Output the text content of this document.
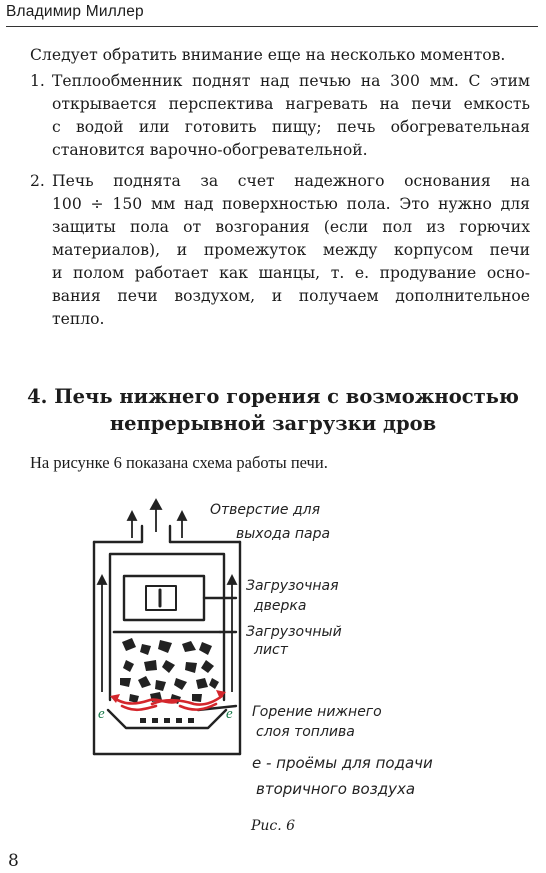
Владимир Миллер
Следует обратить внимание еще на несколько моментов.
1. Теплообменник поднят над печью на 300 мм. С этим
открывается перспектива нагревать на печи емкость
с водой или готовить пищу; печь обогревательная
становится варочно-обогревательной.
2. Печь поднята за счет надежного основания на
100 ÷ 150 мм над поверхностью пола. Это нужно для
защиты пола от возгорания (если пол из горючих
материалов), и промежуток между корпусом печи
и полом работает как шанцы, т. е. продувание осно-
вания печи воздухом, и получаем дополнительное
тепло.
4. Печь нижнего горения с возможностью
непрерывной загрузки дров
На рисунке 6 показана схема работы печи.
e	e
Отверстие для
выхода пара
Загрузочная
дверка
Загрузочный
лист
Горение нижнего
слоя топлива
е - проёмы для подачи
вторичного воздуха
Рис. 6
8
